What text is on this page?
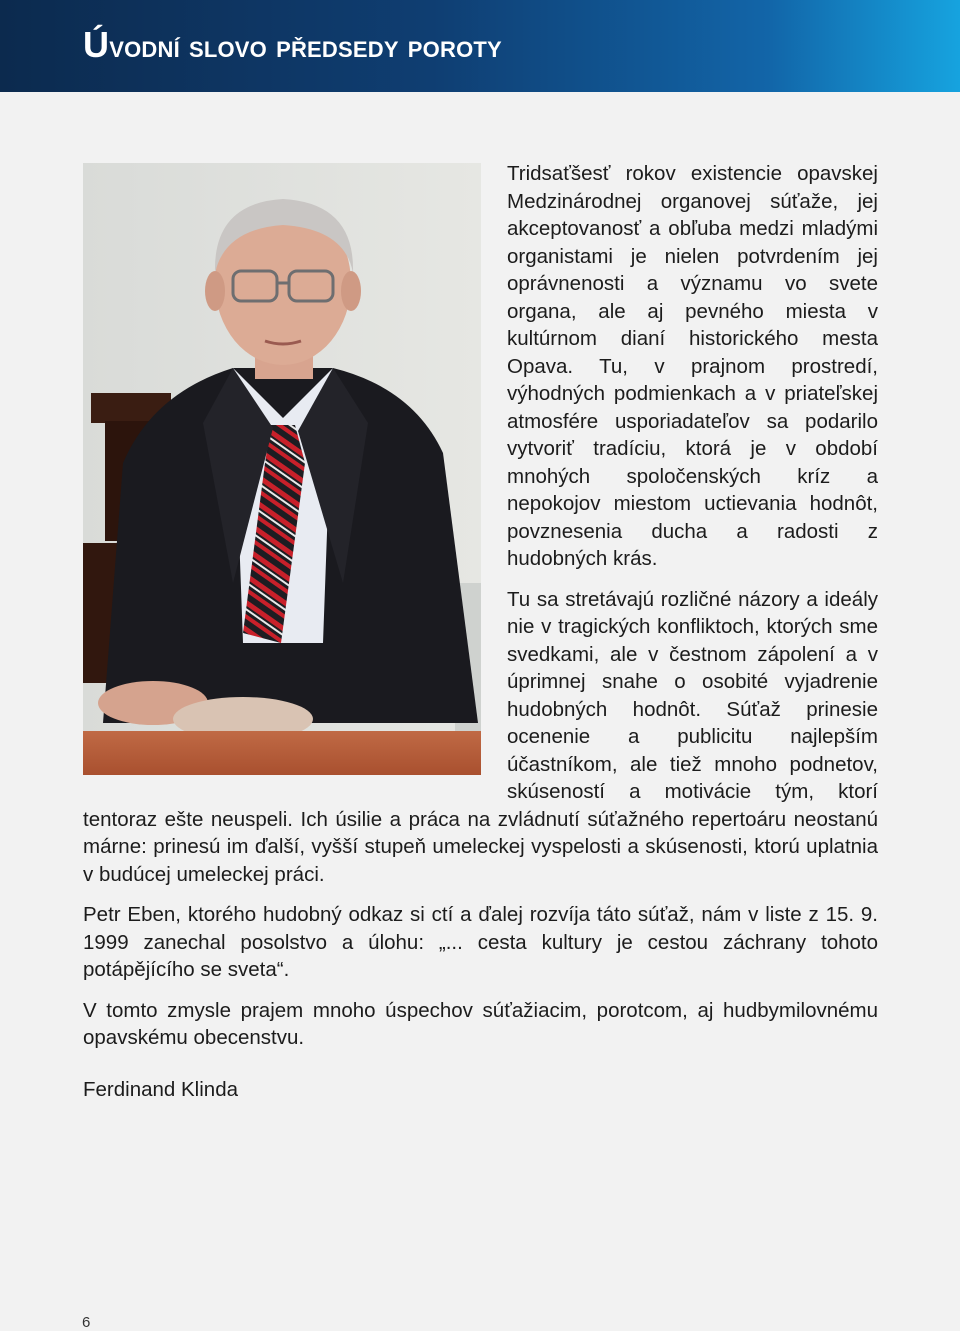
Úvodní slovo předsedy poroty

Tridsaťšesť rokov existencie opavskej Medzinárodnej organovej súťaže, jej akceptovanosť a obľuba medzi mladými organistami je nielen potvrdením jej oprávnenosti a významu vo svete organa, ale aj pevného miesta v kultúrnom dianí historického mesta Opava. Tu, v prajnom prostredí, výhodných podmienkach a v priateľskej atmosfére usporiadateľov sa podarilo vytvoriť tradíciu, ktorá je v období mnohých spoločenských kríz a nepokojov miestom uctievania hodnôt, povznesenia ducha a radosti z hudobných krás.

Tu sa stretávajú rozličné názory a ideály nie v tragických konfliktoch, ktorých sme svedkami, ale v čestnom zápolení a v úprimnej snahe o osobité vyjadrenie hudobných hodnôt. Súťaž prinesie ocenenie a publicitu najlepším účastníkom, ale tiež mnoho podnetov, skúseností a motivácie tým, ktorí tentoraz ešte neuspeli. Ich úsilie a práca na zvládnutí súťažného repertoáru neostanú márne: prinesú im ďalší, vyšší stupeň umeleckej vyspelosti a skúsenosti, ktorú uplatnia v budúcej umeleckej práci.

Petr Eben, ktorého hudobný odkaz si ctí a ďalej rozvíja táto súťaž, nám v liste z 15. 9. 1999 zanechal posolstvo a úlohu: „... cesta kultury je cestou záchrany tohoto potápějícího se sveta“.

V tomto zmysle prajem mnoho úspechov súťažiacim, porotcom, aj hudbymilovnému opavskému obecenstvu.

Ferdinand Klinda
6
